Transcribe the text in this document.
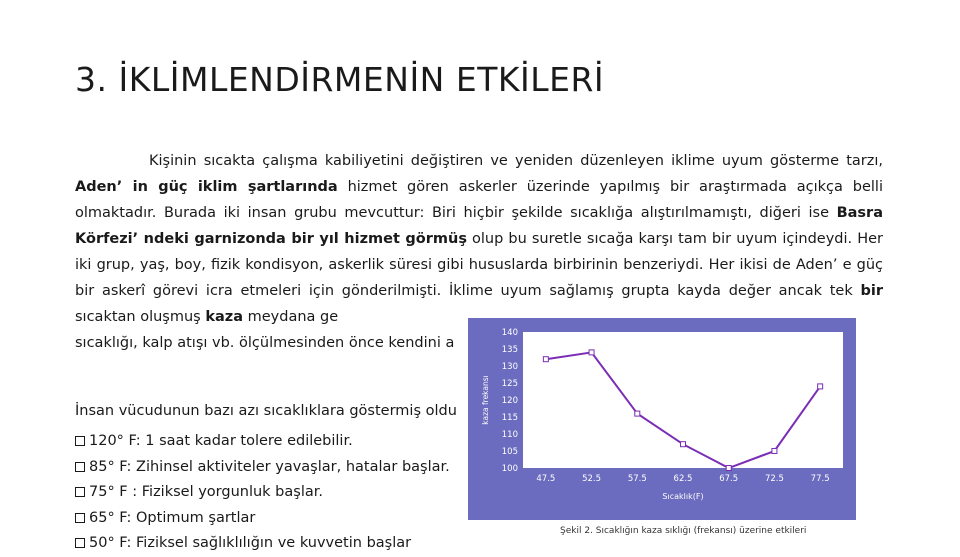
3. İKLİMLENDİRMENİN ETKİLERİ

Kişinin sıcakta çalışma kabiliyetini değiştiren ve yeniden düzenleyen iklime uyum gösterme tarzı, Aden’ in güç iklim şartlarında hizmet gören askerler üzerinde yapılmış bir araştırmada açıkça belli olmaktadır. Burada iki insan grubu mevcuttur: Biri hiçbir şekilde sıcaklığa alıştırılmamıştı, diğeri ise Basra Körfezi’ ndeki garnizonda bir yıl hizmet görmüş olup bu suretle sıcağa karşı tam bir uyum içindeydi. Her iki grup, yaş, boy, fizik kondisyon, askerlik süresi gibi hususlarda birbirinin benzeriydi. Her ikisi de Aden’ e güç bir askerî görevi icra etmeleri için gönderilmişti. İklime uyum sağlamış grupta kayda değer ancak tek bir sıcaktan oluşmuş kaza meydana ge
sıcaklığı, kalp atışı vb. ölçülmesinden önce kendini a

İnsan vücudunun bazı azı sıcaklıklara göstermiş oldu
120° F: 1 saat kadar tolere edilebilir.
85° F: Zihinsel aktiviteler yavaşlar, hatalar başlar.
75° F : Fiziksel yorgunluk başlar.
65° F: Optimum şartlar
50° F: Fiziksel sağlıklılığın ve kuvvetin başlar
140
135
130
125
120
115
110
105
100
47.5	52.5	57.5	62.5	67.5	72.5	77.5
Sıcaklık(F)
kaza frekansı
Şekil 2. Sıcaklığın kaza sıklığı (frekansı) üzerine etkileri
